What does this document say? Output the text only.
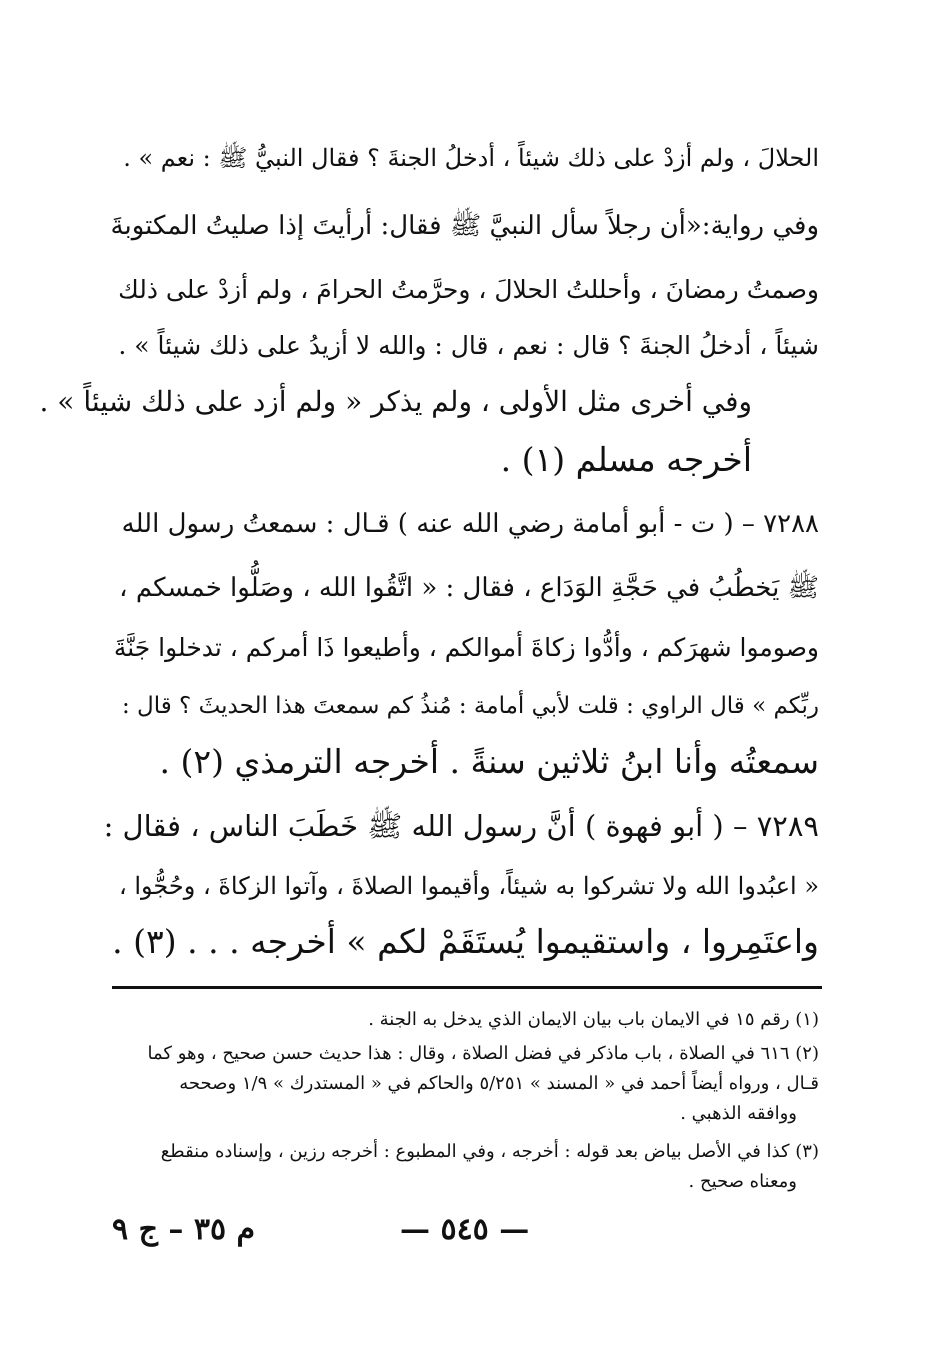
الحلالَ ، ولم أزدْ على ذلك شيئاً ، أدخلُ الجنةَ ؟ فقال النبيُّ ﷺ : نعم » .
وفي رواية:«أن رجلاً سأل النبيَّ ﷺ فقال: أرأيتَ إذا صليتُ المكتوبةَ
وصمتُ رمضانَ ، وأحللتُ الحلالَ ، وحرَّمتُ الحرامَ ، ولم أزدْ على ذلك
شيئاً ، أدخلُ الجنةَ ؟ قال : نعم ، قال : والله لا أزيدُ على ذلك شيئاً » .
وفي أخرى مثل الأولى ، ولم يذكر « ولم أزد على ذلك شيئاً » .
أخرجه مسلم (١) .
٧٢٨٨ – ( ت - أبو أمامة رضي الله عنه ) قـال : سمعتُ رسول الله
ﷺ يَخطُبُ في حَجَّةِ الوَدَاع ، فقال : « اتَّقُوا الله ، وصَلُّوا خمسكم ،
وصوموا شهرَكم ، وأدُّوا زكاةَ أموالكم ، وأطيعوا ذَا أمركم ، تدخلوا جَنَّةَ
ربِّكم » قال الراوي : قلت لأبي أمامة : مُنذُ كم سمعتَ هذا الحديثَ ؟ قال :
سمعتُه وأنا ابنُ ثلاثين سنةً . أخرجه الترمذي (٢) .
٧٢٨٩ – ( أبو فهوة ) أنَّ رسول الله ﷺ خَطَبَ الناس ، فقال :
« اعبُدوا الله ولا تشركوا به شيئاً، وأقيموا الصلاةَ ، وآتوا الزكاةَ ، وحُجُّوا ،
واعتَمِروا ، واستقيموا يُستَقَمْ لكم » أخرجه . . . (٣) .
(١) رقم ١٥ في الايمان باب بيان الايمان الذي يدخل به الجنة .
(٢) ٦١٦ في الصلاة ، باب ماذكر في فضل الصلاة ، وقال : هذا حديث حسن صحيح ، وهو كما
قـال ، ورواه أيضاً أحمد في « المسند » ٥/٢٥١ والحاكم في « المستدرك » ١/٩ وصححه
ووافقه الذهبي .
(٣) كذا في الأصل بياض بعد قوله : أخرجه ، وفي المطبوع : أخرجه رزين ، وإسناده منقطع
ومعناه صحيح .
— ٥٤٥ —
م ٣٥ – ج ٩
